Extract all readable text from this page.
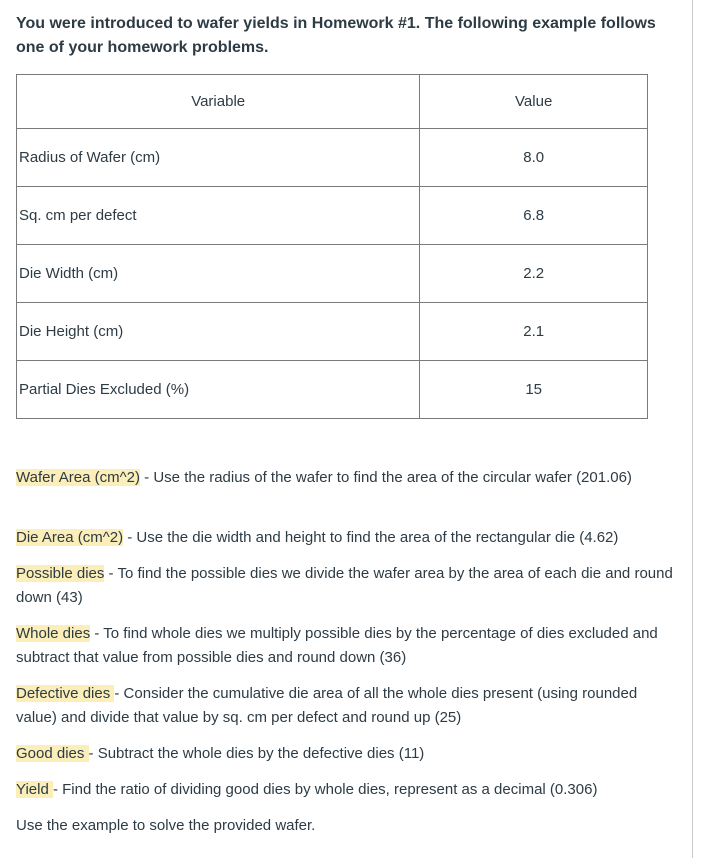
You were introduced to wafer yields in Homework #1. The following example follows one of your homework problems.
Variable	Value
Radius of Wafer (cm)	8.0
Sq. cm per defect	6.8
Die Width (cm)	2.2
Die Height (cm)	2.1
Partial Dies Excluded (%)	15
Wafer Area (cm^2) - Use the radius of the wafer to find the area of the circular wafer (201.06)
Die Area (cm^2) - Use the die width and height to find the area of the rectangular die (4.62)
Possible dies - To find the possible dies we divide the wafer area by the area of each die and round down (43)
Whole dies - To find whole dies we multiply possible dies by the percentage of dies excluded and subtract that value from possible dies and round down (36)
Defective dies - Consider the cumulative die area of all the whole dies present (using rounded value) and divide that value by sq. cm per defect and round up (25)
Good dies - Subtract the whole dies by the defective dies (11)
Yield - Find the ratio of dividing good dies by whole dies, represent as a decimal (0.306)
Use the example to solve the provided wafer.
